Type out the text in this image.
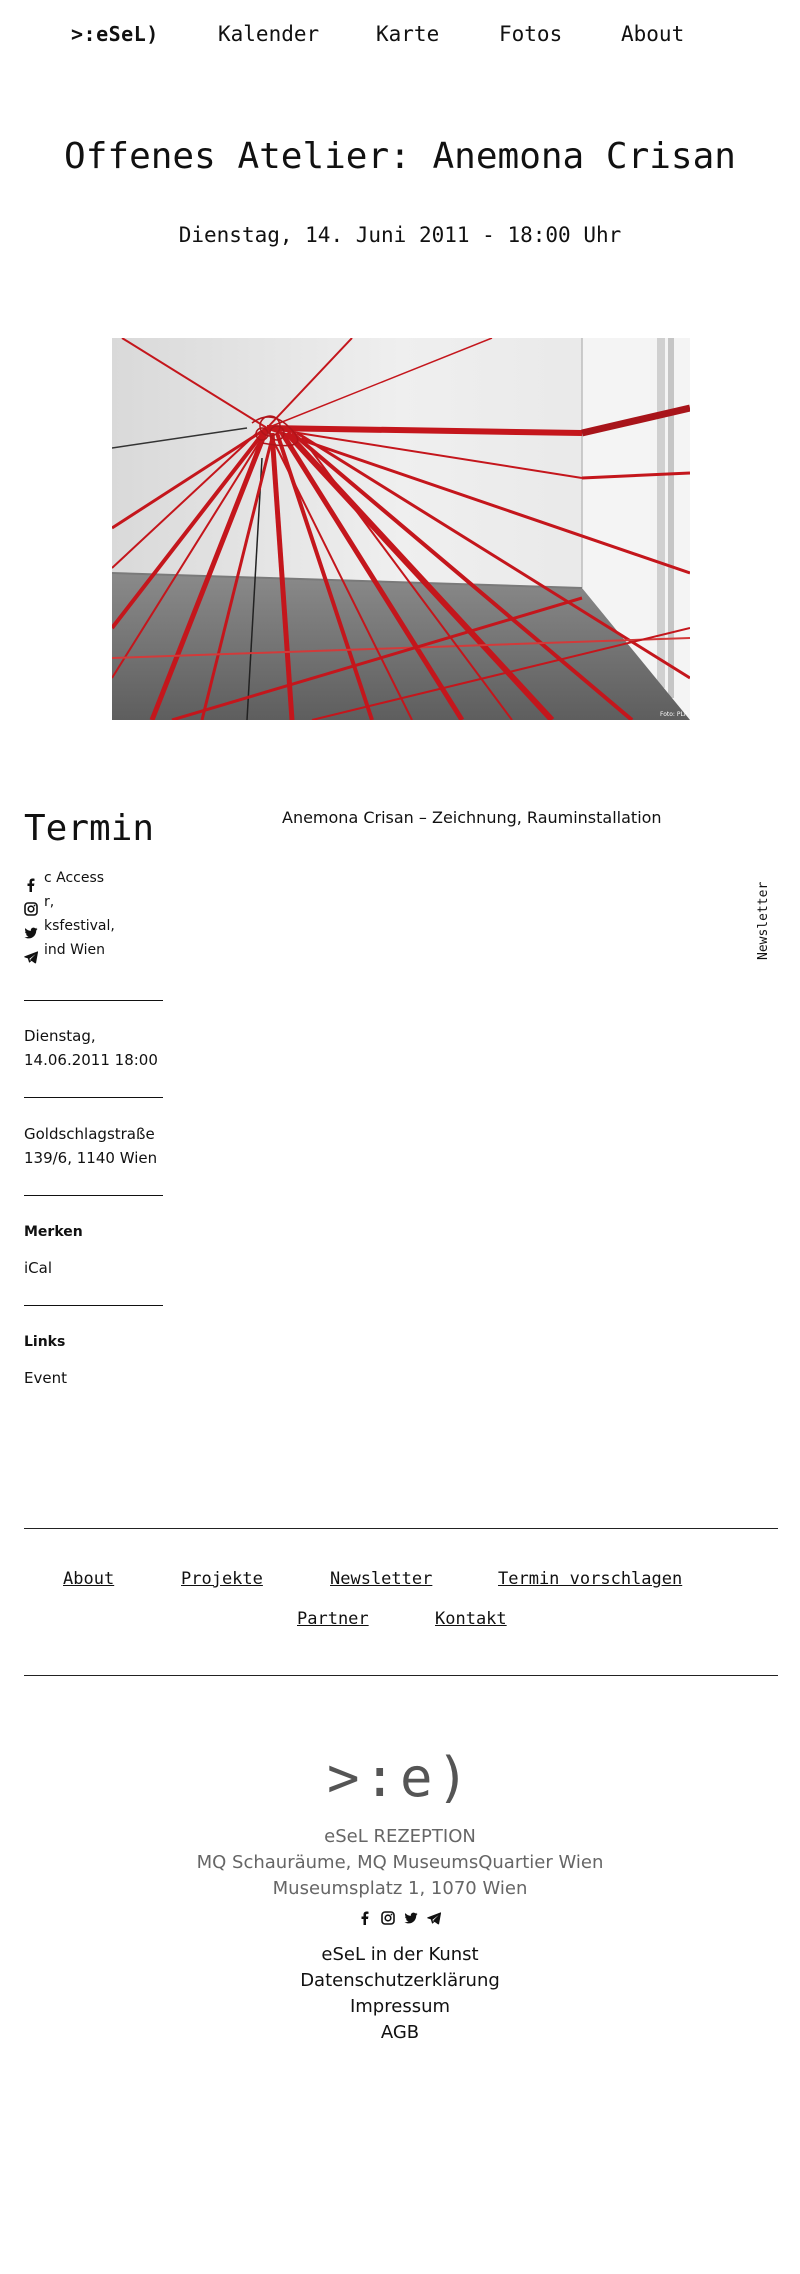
>:eSeL)	Kalender	Karte	Fotos	About
Offenes Atelier: Anemona Crisan
Dienstag, 14. Juni 2011 - 18:00 Uhr
Foto: PLP
Anemona Crisan – Zeichnung, Rauminstallation
Termin
c Access
r,
ksfestival,
ind Wien
Dienstag,
14.06.2011 18:00
Goldschlagstraße
139/6, 1140 Wien
Merken
iCal
Links
Event
Newsletter
About	Projekte	Newsletter	Termin vorschlagen
Partner	Kontakt
>:e)
eSeL REZEPTION
MQ Schauräume, MQ MuseumsQuartier Wien
Museumsplatz 1, 1070 Wien
eSeL in der Kunst
Datenschutzerklärung
Impressum
AGB
